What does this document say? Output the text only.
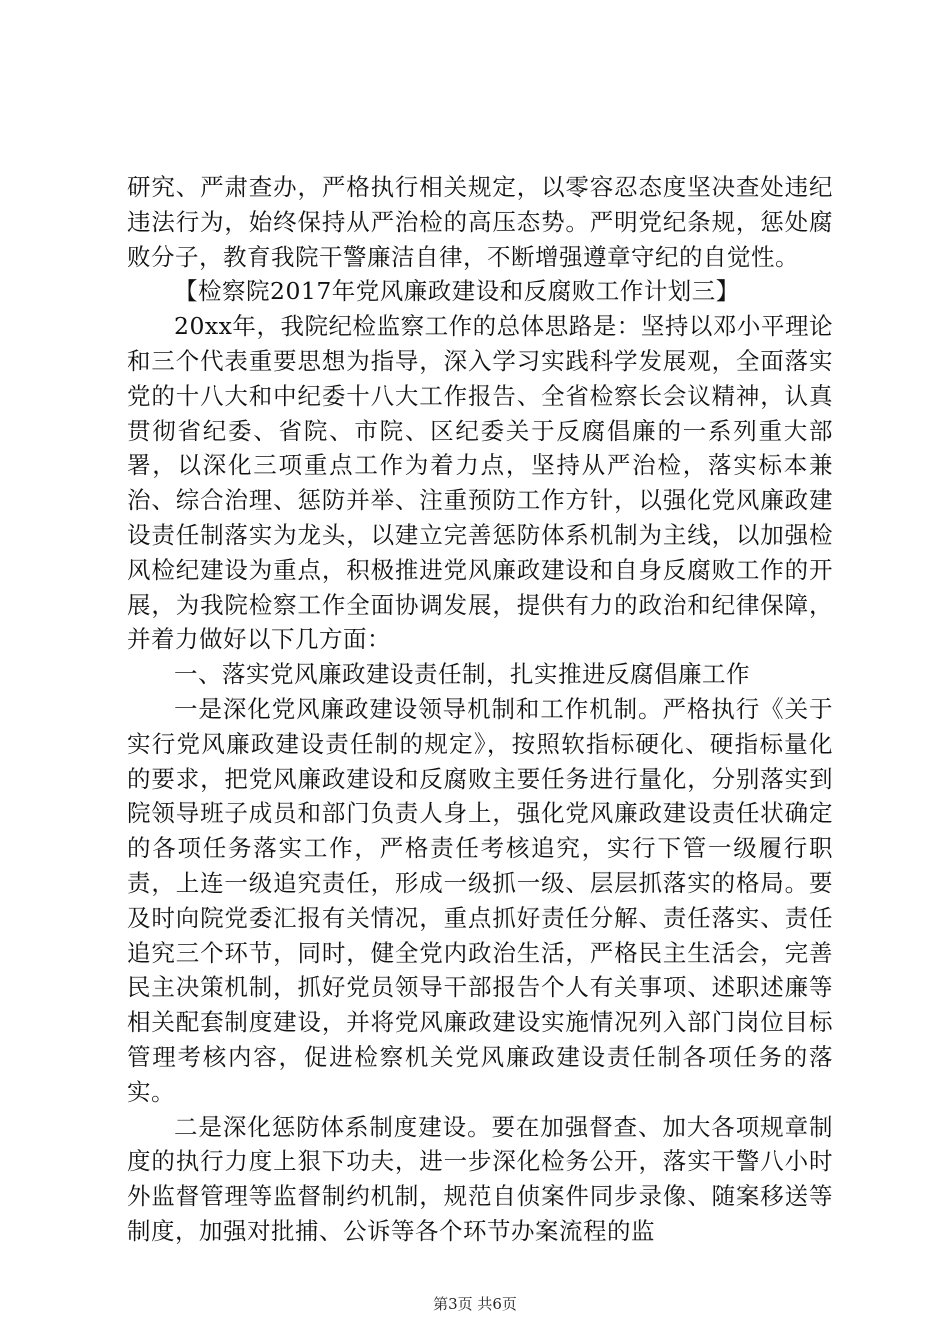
研究、严肃查办，严格执行相关规定，以零容忍态度坚决查处违纪违法行为，始终保持从严治检的高压态势。严明党纪条规，惩处腐败分子，教育我院干警廉洁自律，不断增强遵章守纪的自觉性。

【检察院2017年党风廉政建设和反腐败工作计划三】

20xx年，我院纪检监察工作的总体思路是：坚持以邓小平理论和三个代表重要思想为指导，深入学习实践科学发展观，全面落实党的十八大和中纪委十八大工作报告、全省检察长会议精神，认真贯彻省纪委、省院、市院、区纪委关于反腐倡廉的一系列重大部署，以深化三项重点工作为着力点，坚持从严治检，落实标本兼治、综合治理、惩防并举、注重预防工作方针，以强化党风廉政建设责任制落实为龙头，以建立完善惩防体系机制为主线，以加强检风检纪建设为重点，积极推进党风廉政建设和自身反腐败工作的开展，为我院检察工作全面协调发展，提供有力的政治和纪律保障，并着力做好以下几方面：

一、落实党风廉政建设责任制，扎实推进反腐倡廉工作

一是深化党风廉政建设领导机制和工作机制。严格执行《关于实行党风廉政建设责任制的规定》，按照软指标硬化、硬指标量化的要求，把党风廉政建设和反腐败主要任务进行量化，分别落实到院领导班子成员和部门负责人身上，强化党风廉政建设责任状确定的各项任务落实工作，严格责任考核追究，实行下管一级履行职责，上连一级追究责任，形成一级抓一级、层层抓落实的格局。要及时向院党委汇报有关情况，重点抓好责任分解、责任落实、责任追究三个环节，同时，健全党内政治生活，严格民主生活会，完善民主决策机制，抓好党员领导干部报告个人有关事项、述职述廉等相关配套制度建设，并将党风廉政建设实施情况列入部门岗位目标管理考核内容，促进检察机关党风廉政建设责任制各项任务的落实。

二是深化惩防体系制度建设。要在加强督查、加大各项规章制度的执行力度上狠下功夫，进一步深化检务公开，落实干警八小时外监督管理等监督制约机制，规范自侦案件同步录像、随案移送等制度，加强对批捕、公诉等各个环节办案流程的监

第3页 共6页
